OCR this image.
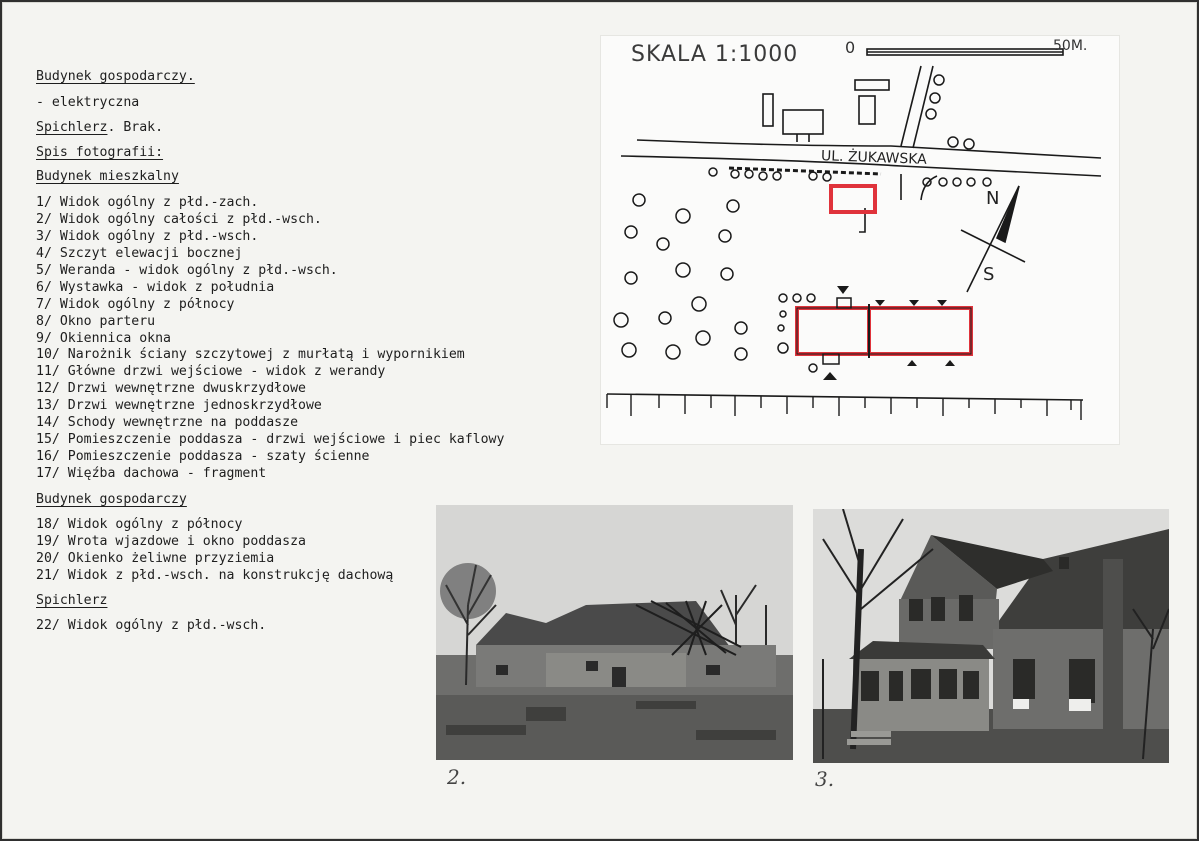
Budynek gospodarczy.
- elektryczna
Spichlerz. Brak.
Spis fotografii:
Budynek mieszkalny
1/ Widok ogólny z płd.-zach.
2/ Widok ogólny całości z płd.-wsch.
3/ Widok ogólny z płd.-wsch.
4/ Szczyt elewacji bocznej
5/ Weranda - widok ogólny z płd.-wsch.
6/ Wystawka - widok z południa
7/ Widok ogólny z północy
8/ Okno parteru
9/ Okiennica okna
10/ Narożnik ściany szczytowej z murłatą i wypornikiem
11/ Główne drzwi wejściowe - widok z werandy
12/ Drzwi wewnętrzne dwuskrzydłowe
13/ Drzwi wewnętrzne jednoskrzydłowe
14/ Schody wewnętrzne na poddasze
15/ Pomieszczenie poddasza - drzwi wejściowe i piec kaflowy
16/ Pomieszczenie poddasza - szaty ścienne
17/ Więźba dachowa - fragment
Budynek gospodarczy
18/ Widok ogólny z północy
19/ Wrota wjazdowe i okno poddasza
20/ Okienko żeliwne przyziemia
21/ Widok z płd.-wsch. na konstrukcję dachową
Spichlerz
22/ Widok ogólny z płd.-wsch.
SKALA 1:1000	0	50M.
UL. ŻUKAWSKA
N
S
2.	3.
